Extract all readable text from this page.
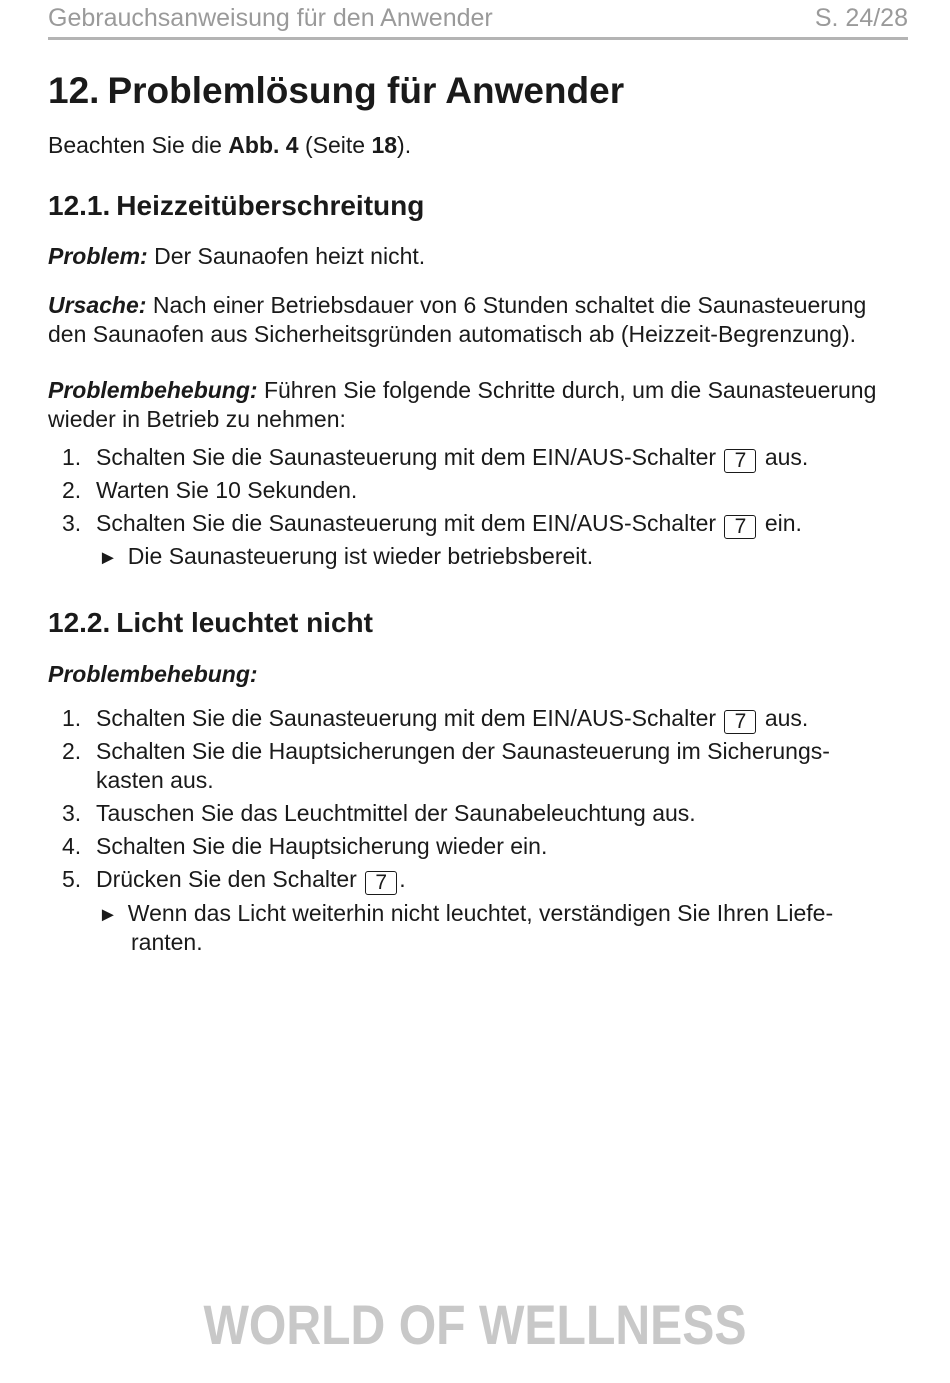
Gebrauchsanweisung für den Anwender	S. 24/28
12. Problemlösung für Anwender
Beachten Sie die Abb. 4 (Seite 18).
12.1. Heizzeitüberschreitung
Problem: Der Saunaofen heizt nicht.
Ursache: Nach einer Betriebsdauer von 6 Stunden schaltet die Saunasteuerung
den Saunaofen aus Sicherheitsgründen automatisch ab (Heizzeit-Begrenzung).
Problembehebung: Führen Sie folgende Schritte durch, um die Saunasteuerung
wieder in Betrieb zu nehmen:
1. Schalten Sie die Saunasteuerung mit dem EIN/AUS-Schalter 7 aus.
2. Warten Sie 10 Sekunden.
3. Schalten Sie die Saunasteuerung mit dem EIN/AUS-Schalter 7 ein.
► Die Saunasteuerung ist wieder betriebsbereit.
12.2. Licht leuchtet nicht
Problembehebung:
1. Schalten Sie die Saunasteuerung mit dem EIN/AUS-Schalter 7 aus.
2. Schalten Sie die Hauptsicherungen der Saunasteuerung im Sicherungs-
kasten aus.
3. Tauschen Sie das Leuchtmittel der Saunabeleuchtung aus.
4. Schalten Sie die Hauptsicherung wieder ein.
5. Drücken Sie den Schalter 7 .
► Wenn das Licht weiterhin nicht leuchtet, verständigen Sie Ihren Liefe-
ranten.
WORLD OF WELLNESS
